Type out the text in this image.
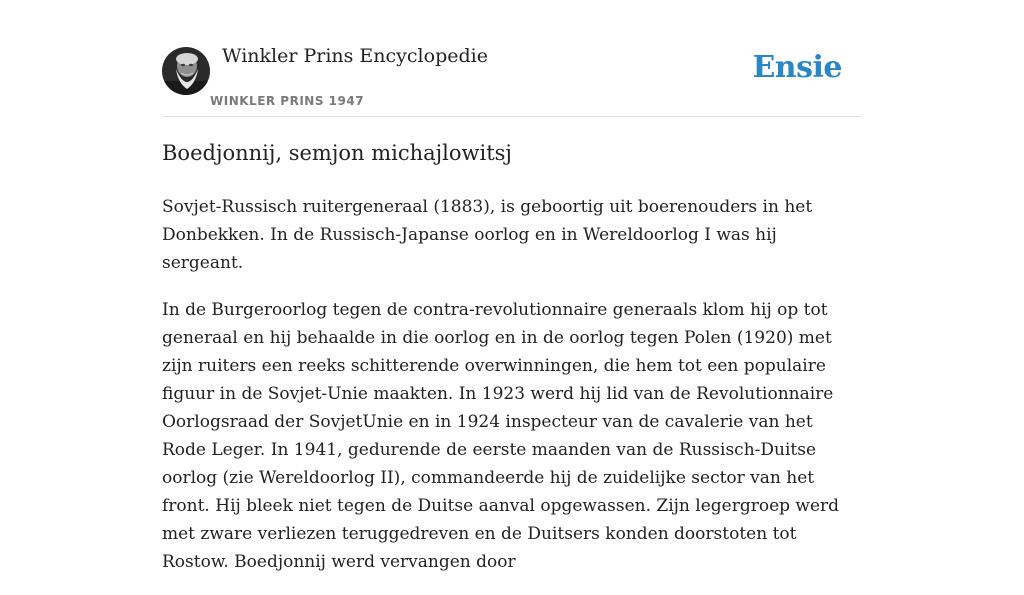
Winkler Prins Encyclopedie
WINKLER PRINS 1947
Ensie
Boedjonnij, semjon michajlowitsj

Sovjet-Russisch ruitergeneraal (1883), is geboortig uit boerenouders in het Donbekken. In de Russisch-Japanse oorlog en in Wereldoorlog I was hij sergeant.

In de Burgeroorlog tegen de contra-revolutionnaire generaals klom hij op tot generaal en hij behaalde in die oorlog en in de oorlog tegen Polen (1920) met zijn ruiters een reeks schitterende overwinningen, die hem tot een populaire figuur in de Sovjet-Unie maakten. In 1923 werd hij lid van de Revolutionnaire Oorlogsraad der SovjetUnie en in 1924 inspecteur van de cavalerie van het Rode Leger. In 1941, gedurende de eerste maanden van de Russisch-Duitse oorlog (zie Wereldoorlog II), commandeerde hij de zuidelijke sector van het front. Hij bleek niet tegen de Duitse aanval opgewassen. Zijn legergroep werd met zware verliezen teruggedreven en de Duitsers konden doorstoten tot Rostow. Boedjonnij werd vervangen door
